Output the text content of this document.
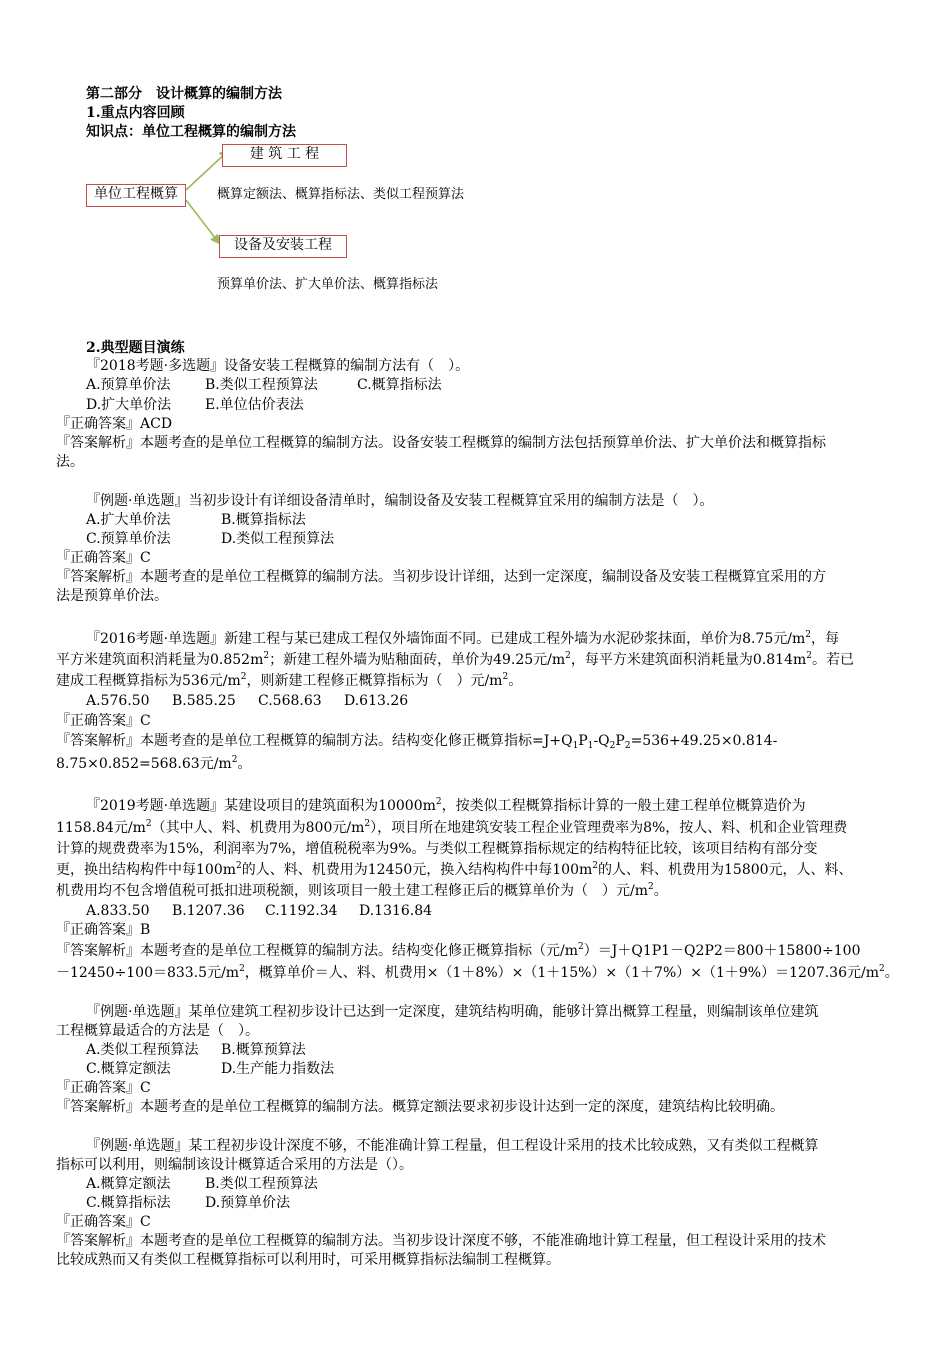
第二部分　设计概算的编制方法
1.重点内容回顾
知识点：单位工程概算的编制方法
单位工程概算
建 筑 工 程
概算定额法、概算指标法、类似工程预算法
设备及安装工程
预算单价法、扩大单价法、概算指标法
2.典型题目演练
『2018考题·多选题』设备安装工程概算的编制方法有（　）。
A.预算单价法 B.类似工程预算法	C.概算指标法
D.扩大单价法 E.单位估价表法
『正确答案』ACD
『答案解析』本题考查的是单位工程概算的编制方法。设备安装工程概算的编制方法包括预算单价法、扩大单价法和概算指标
法。
『例题·单选题』当初步设计有详细设备清单时，编制设备及安装工程概算宜采用的编制方法是（　）。
A.扩大单价法	B.概算指标法
C.预算单价法	D.类似工程预算法
『正确答案』C
『答案解析』本题考查的是单位工程概算的编制方法。当初步设计详细，达到一定深度，编制设备及安装工程概算宜采用的方
法是预算单价法。
『2016考题·单选题』新建工程与某已建成工程仅外墙饰面不同。已建成工程外墙为水泥砂浆抹面，单价为8.75元$/m^2$，每
平方米建筑面积消耗量为$0.852m^2$；新建工程外墙为贴釉面砖，单价为49.25元$/m^2$，每平方米建筑面积消耗量为$0.814m^2$。若已
建成工程概算指标为536元$/m^2$，则新建工程修正概算指标为（　）元$/m^2$。
A.576.50 B.585.25 C.568.63 D.613.26
『正确答案』C
『答案解析』本题考查的是单位工程概算的编制方法。结构变化修正概算指标$=J+Q_1P_1-Q_2P_2=536+49.25\times 0.814-$
8.75×0.852=568.63元$/m^2$。
『2019考题·单选题』某建设项目的建筑面积为$10000m^2$，按类似工程概算指标计算的一般土建工程单位概算造价为
1158.84元$/m^2$（其中人、料、机费用为800元$/m^2$），项目所在地建筑安装工程企业管理费率为8%，按人、料、机和企业管理费
计算的规费费率为15%，利润率为7%，增值税税率为9%。与类似工程概算指标规定的结构特征比较，该项目结构有部分变
更，换出结构构件中每$100m^2$的人、料、机费用为12450元，换入结构构件中每$100m^2$的人、料、机费用为15800元，人、料、
机费用均不包含增值税可抵扣进项税额，则该项目一般土建工程修正后的概算单价为（　）元$/m^2$。
A.833.50 B.1207.36 C.1192.34 D.1316.84
『正确答案』B
『答案解析』本题考查的是单位工程概算的编制方法。结构变化修正概算指标（元$/m^2)=J+Q1P1-Q2P2=800+15800\div 100$
－12450÷100＝833.5元$/m^2$，概算单价＝人、料、机费用×（1＋8%）×（1＋15%）×（1＋7%）×（1＋9%）＝1207.36元$/m^2$。
『例题·单选题』某单位建筑工程初步设计已达到一定深度，建筑结构明确，能够计算出概算工程量，则编制该单位建筑
工程概算最适合的方法是（　）。
A.类似工程预算法 B.概算预算法
C.概算定额法	D.生产能力指数法
『正确答案』C
『答案解析』本题考查的是单位工程概算的编制方法。概算定额法要求初步设计达到一定的深度，建筑结构比较明确。
『例题·单选题』某工程初步设计深度不够，不能准确计算工程量，但工程设计采用的技术比较成熟，又有类似工程概算
指标可以利用，则编制该设计概算适合采用的方法是（）。
A.概算定额法 B.类似工程预算法
C.概算指标法 D.预算单价法
『正确答案』C
『答案解析』本题考查的是单位工程概算的编制方法。当初步设计深度不够，不能准确地计算工程量，但工程设计采用的技术
比较成熟而又有类似工程概算指标可以利用时，可采用概算指标法编制工程概算。
